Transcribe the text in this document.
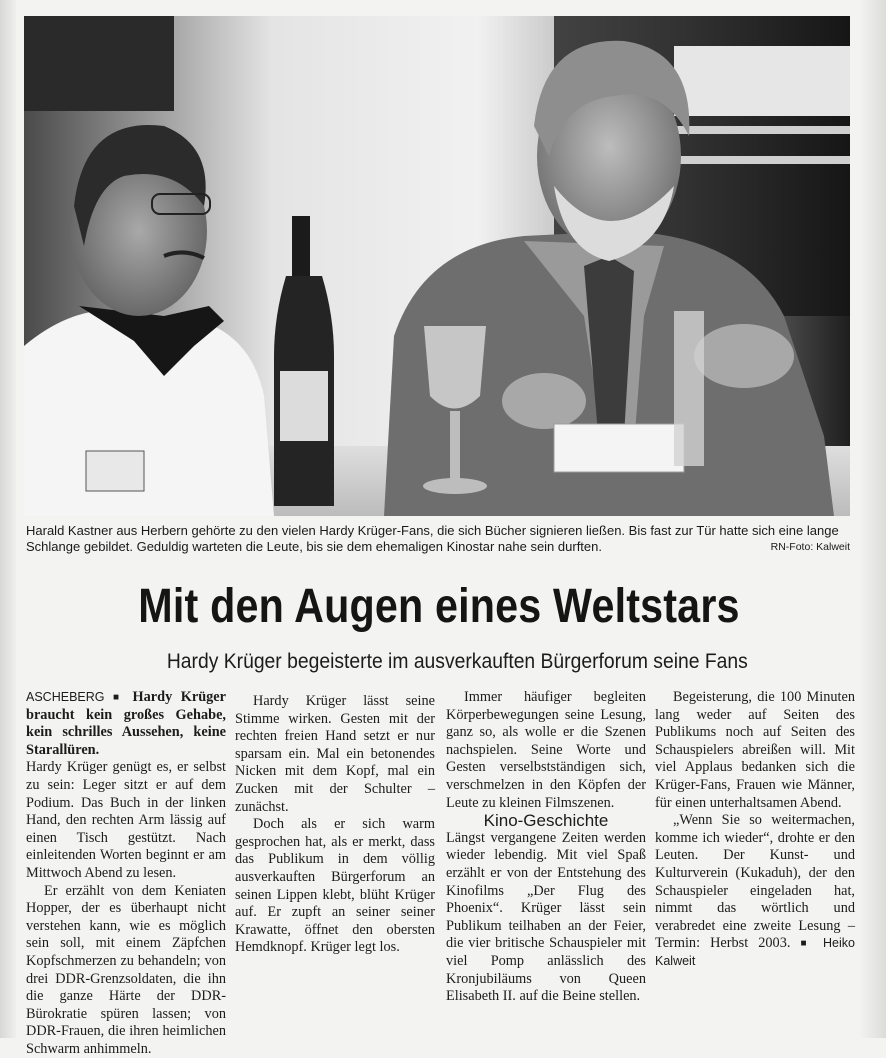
Harald Kastner aus Herbern gehörte zu den vielen Hardy Krüger-Fans, die sich Bücher signieren ließen. Bis fast zur Tür hatte sich eine lange Schlange gebildet. Geduldig warteten die Leute, bis sie dem ehemaligen Kinostar nahe sein durften.	RN-Foto: Kalweit
Mit den Augen eines Weltstars
Hardy Krüger begeisterte im ausverkauften Bürgerforum seine Fans

ASCHEBERG ■ Hardy Krüger braucht kein großes Gehabe, kein schrilles Aussehen, keine Starallüren.

Hardy Krüger genügt es, er selbst zu sein: Leger sitzt er auf dem Podium. Das Buch in der linken Hand, den rechten Arm lässig auf einen Tisch gestützt. Nach einleitenden Worten beginnt er am Mittwoch Abend zu lesen.

Er erzählt von dem Keniaten Hopper, der es überhaupt nicht verstehen kann, wie es möglich sein soll, mit einem Zäpfchen Kopfschmerzen zu behandeln; von drei DDR-Grenzsoldaten, die ihn die ganze Härte der DDR-Bürokratie spüren lassen; von DDR-Frauen, die ihren heimlichen Schwarm anhimmeln.

Hardy Krüger lässt seine Stimme wirken. Gesten mit der rechten freien Hand setzt er nur sparsam ein. Mal ein betonendes Nicken mit dem Kopf, mal ein Zucken mit der Schulter – zunächst.

Doch als er sich warm gesprochen hat, als er merkt, dass das Publikum in dem völlig ausverkauften Bürgerforum an seinen Lippen klebt, blüht Krüger auf. Er zupft an seiner seiner Krawatte, öffnet den obersten Hemdknopf. Krüger legt los.

Immer häufiger begleiten Körperbewegungen seine Lesung, ganz so, als wolle er die Szenen nachspielen. Seine Worte und Gesten verselbstständigen sich, verschmelzen in den Köpfen der Leute zu kleinen Filmszenen.

Kino-Geschichte

Längst vergangene Zeiten werden wieder lebendig. Mit viel Spaß erzählt er von der Entstehung des Kinofilms „Der Flug des Phoenix“. Krüger lässt sein Publikum teilhaben an der Feier, die vier britische Schauspieler mit viel Pomp anlässlich des Kronjubiläums von Queen Elisabeth II. auf die Beine stellen.

Begeisterung, die 100 Minuten lang weder auf Seiten des Publikums noch auf Seiten des Schauspielers abreißen will. Mit viel Applaus bedanken sich die Krüger-Fans, Frauen wie Männer, für einen unterhaltsamen Abend.

„Wenn Sie so weitermachen, komme ich wieder“, drohte er den Leuten. Der Kunst- und Kulturverein (Kukaduh), der den Schauspieler eingeladen hat, nimmt das wörtlich und verabredet eine zweite Lesung – Termin: Herbst 2003. ■ Heiko Kalweit
